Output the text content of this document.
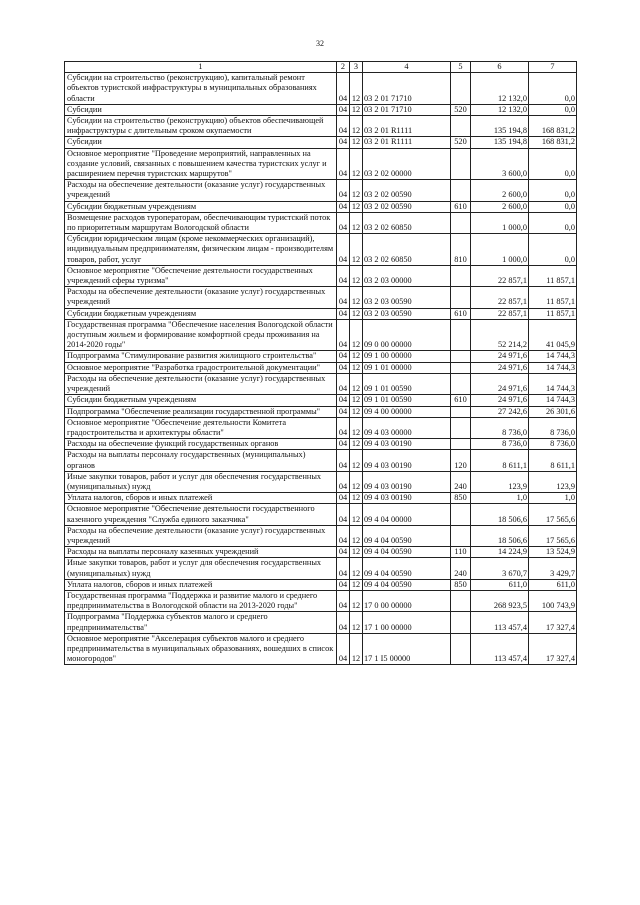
32
1	2	3	4	5	6	7
Субсидии на строительство (реконструкцию), капитальный ремонт объектов туристской инфраструктуры в муниципальных образованиях области	04	12	03 2 01 71710		12 132,0	0,0
Субсидии	04	12	03 2 01 71710	520	12 132,0	0,0
Субсидии на строительство (реконструкцию) объектов обеспечивающей инфраструктуры с длительным сроком окупаемости	04	12	03 2 01 R1111		135 194,8	168 831,2
Субсидии	04	12	03 2 01 R1111	520	135 194,8	168 831,2
Основное мероприятие "Проведение мероприятий, направленных на создание условий, связанных с повышением качества туристских услуг и расширением перечня туристских маршрутов"	04	12	03 2 02 00000		3 600,0	0,0
Расходы на обеспечение деятельности (оказание услуг) государственных учреждений	04	12	03 2 02 00590		2 600,0	0,0
Субсидии бюджетным учреждениям	04	12	03 2 02 00590	610	2 600,0	0,0
Возмещение расходов туроператорам, обеспечивающим туристский поток по приоритетным маршрутам Вологодской области	04	12	03 2 02 60850		1 000,0	0,0
Субсидии юридическим лицам (кроме некоммерческих организаций), индивидуальным предпринимателям, физическим лицам - производителям товаров, работ, услуг	04	12	03 2 02 60850	810	1 000,0	0,0
Основное мероприятие "Обеспечение деятельности государственных учреждений сферы туризма"	04	12	03 2 03 00000		22 857,1	11 857,1
Расходы на обеспечение деятельности (оказание услуг) государственных учреждений	04	12	03 2 03 00590		22 857,1	11 857,1
Субсидии бюджетным учреждениям	04	12	03 2 03 00590	610	22 857,1	11 857,1
Государственная программа "Обеспечение населения Вологодской области доступным жильем и формирование комфортной среды проживания на 2014-2020 годы"	04	12	09 0 00 00000		52 214,2	41 045,9
Подпрограмма "Стимулирование развития жилищного строительства"	04	12	09 1 00 00000		24 971,6	14 744,3
Основное мероприятие "Разработка градостроительной документации"	04	12	09 1 01 00000		24 971,6	14 744,3
Расходы на обеспечение деятельности (оказание услуг) государственных учреждений	04	12	09 1 01 00590		24 971,6	14 744,3
Субсидии бюджетным учреждениям	04	12	09 1 01 00590	610	24 971,6	14 744,3
Подпрограмма "Обеспечение реализации государственной программы"	04	12	09 4 00 00000		27 242,6	26 301,6
Основное мероприятие "Обеспечение деятельности Комитета градостроительства и архитектуры области"	04	12	09 4 03 00000		8 736,0	8 736,0
Расходы на обеспечение функций государственных органов	04	12	09 4 03 00190		8 736,0	8 736,0
Расходы на выплаты персоналу государственных (муниципальных) органов	04	12	09 4 03 00190	120	8 611,1	8 611,1
Иные закупки товаров, работ и услуг для обеспечения государственных (муниципальных) нужд	04	12	09 4 03 00190	240	123,9	123,9
Уплата налогов, сборов и иных платежей	04	12	09 4 03 00190	850	1,0	1,0
Основное мероприятие "Обеспечение деятельности государственного казенного учреждения "Служба единого заказчика"	04	12	09 4 04 00000		18 506,6	17 565,6
Расходы на обеспечение деятельности (оказание услуг) государственных учреждений	04	12	09 4 04 00590		18 506,6	17 565,6
Расходы на выплаты персоналу казенных учреждений	04	12	09 4 04 00590	110	14 224,9	13 524,9
Иные закупки товаров, работ и услуг для обеспечения государственных (муниципальных) нужд	04	12	09 4 04 00590	240	3 670,7	3 429,7
Уплата налогов, сборов и иных платежей	04	12	09 4 04 00590	850	611,0	611,0
Государственная программа "Поддержка и развитие малого и среднего предпринимательства в Вологодской области на 2013-2020 годы"	04	12	17 0 00 00000		268 923,5	100 743,9
Подпрограмма "Поддержка субъектов малого и среднего предпринимательства"	04	12	17 1 00 00000		113 457,4	17 327,4
Основное мероприятие "Акселерация субъектов малого и среднего предпринимательства в муниципальных образованиях, вошедших в список моногородов"	04	12	17 1 I5 00000		113 457,4	17 327,4
